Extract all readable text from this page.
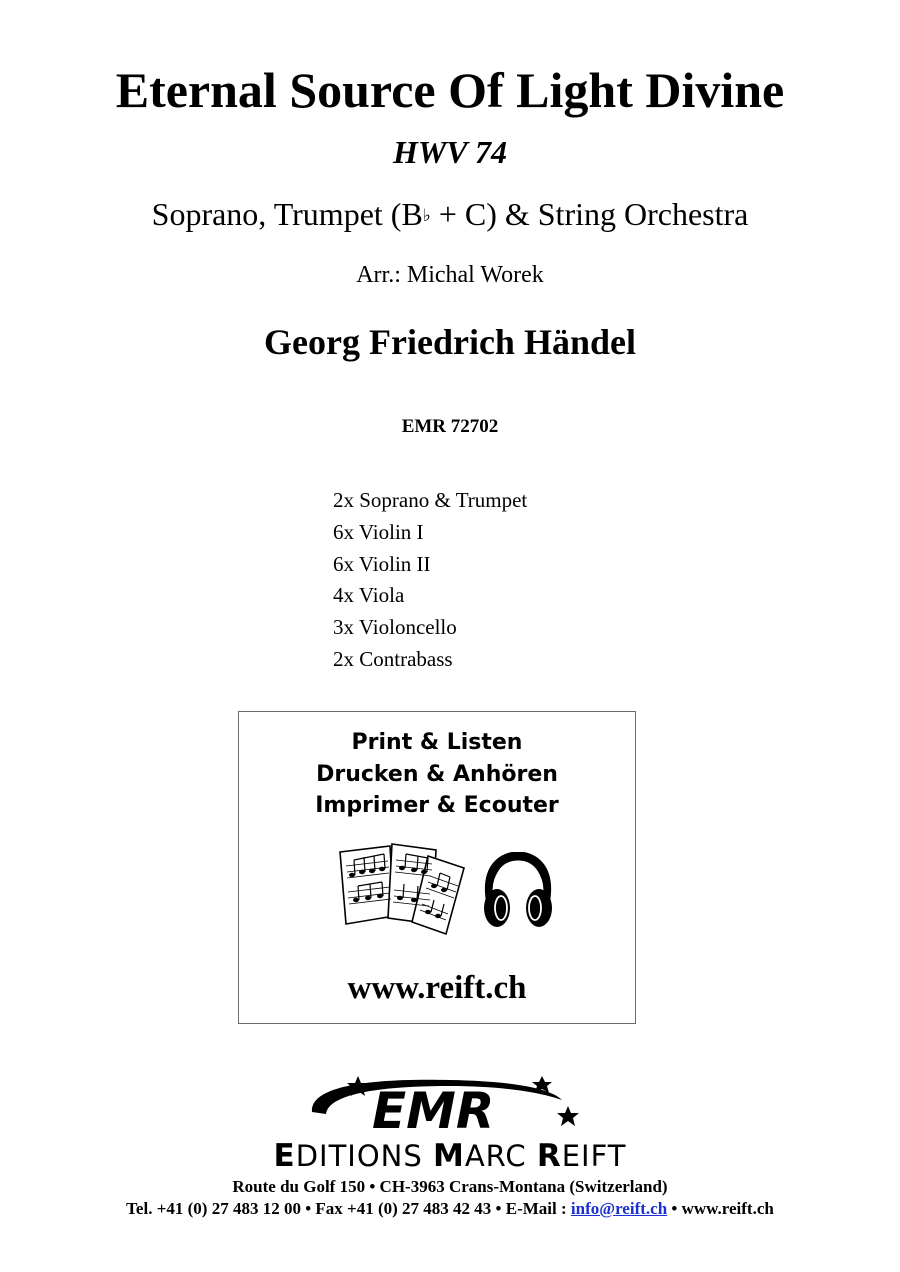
Eternal Source Of Light Divine
HWV 74
Soprano, Trumpet (B♭ + C) & String Orchestra
Arr.: Michal Worek
Georg Friedrich Händel
EMR 72702
2x Soprano & Trumpet
6x Violin I
6x Violin II
4x Viola
3x Violoncello
2x Contrabass
Print & Listen
Drucken & Anhören
Imprimer & Ecouter
www.reift.ch
EMR
EDITIONS MARC REIFT
Route du Golf 150 • CH-3963 Crans-Montana (Switzerland)
Tel. +41 (0) 27 483 12 00 • Fax +41 (0) 27 483 42 43 • E-Mail : info@reift.ch • www.reift.ch
